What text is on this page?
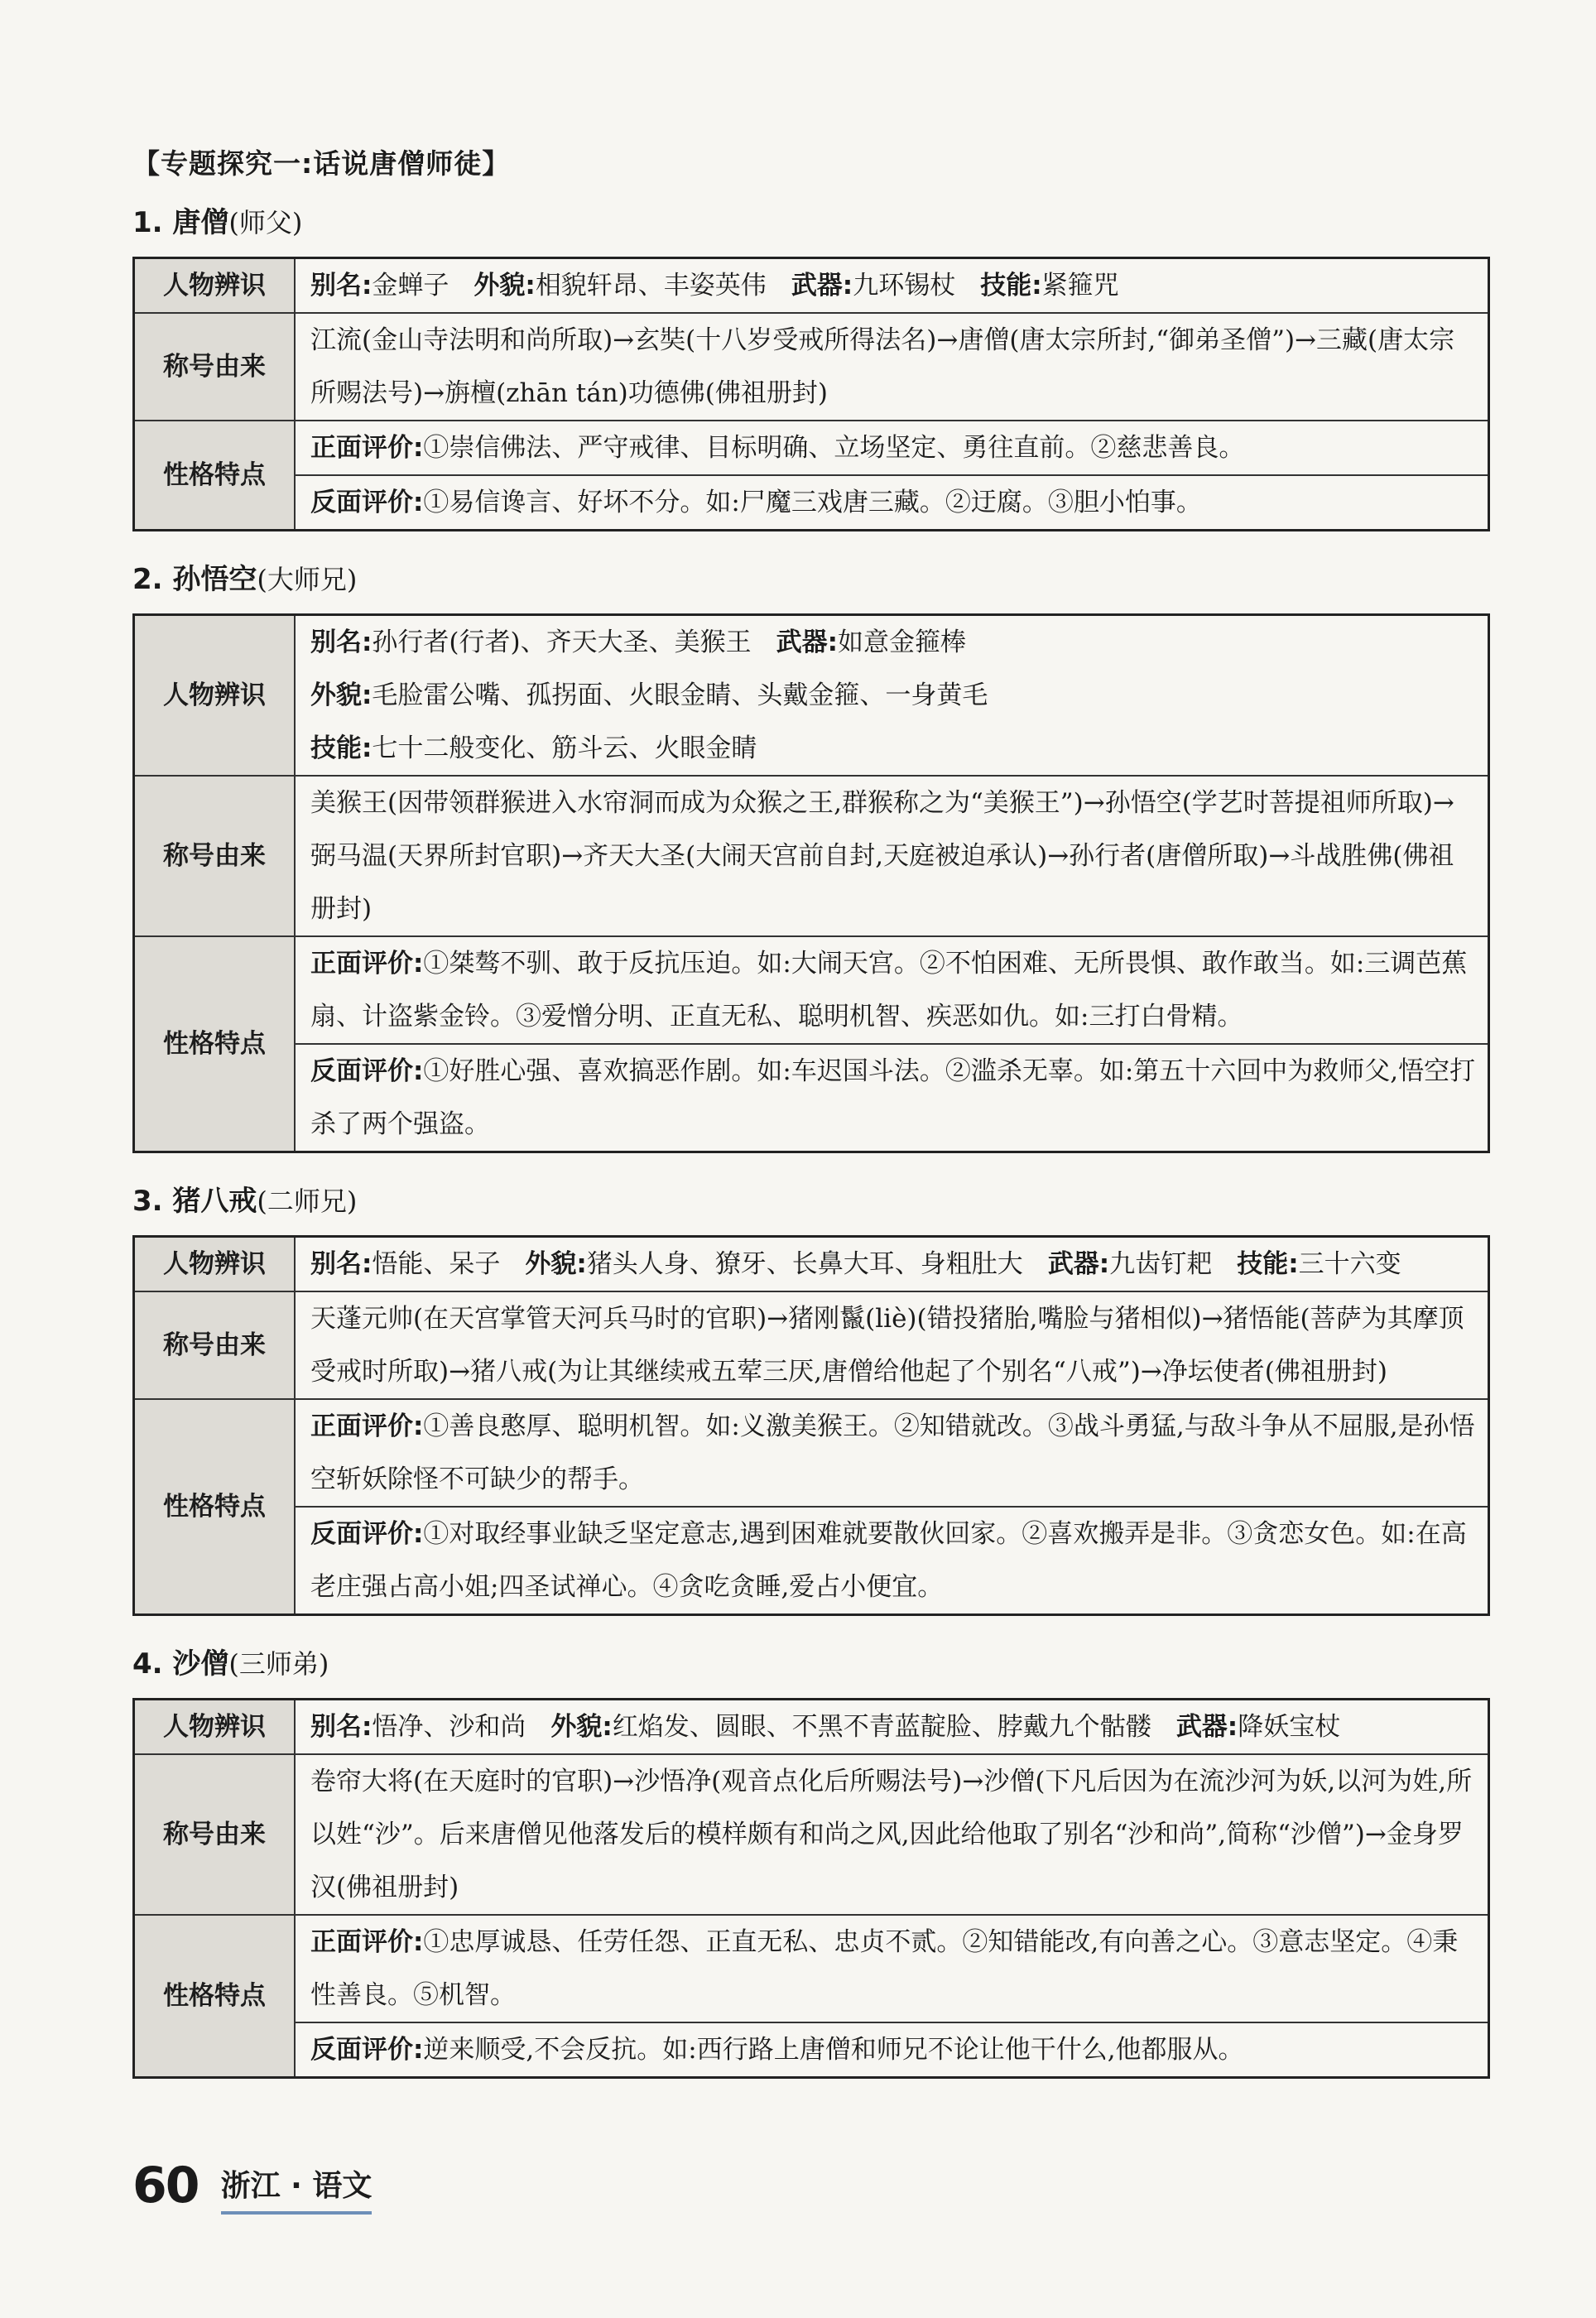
【专题探究一:话说唐僧师徒】
1. 唐僧(师父)
人物辨识	别名:金蝉子 外貌:相貌轩昂、丰姿英伟 武器:九环锡杖 技能:紧箍咒

称号由来	江流(金山寺法明和尚所取)→玄奘(十八岁受戒所得法名)→唐僧(唐太宗所封,“御弟圣僧”)→三藏(唐太宗所赐法号)→旃檀(zhān tán)功德佛(佛祖册封)
性格特点	正面评价:①崇信佛法、严守戒律、目标明确、立场坚定、勇往直前。②慈悲善良。
	反面评价:①易信谗言、好坏不分。如:尸魔三戏唐三藏。②迂腐。③胆小怕事。
2. 孙悟空(大师兄)
人物辨识	别名:孙行者(行者)、齐天大圣、美猴王 武器:如意金箍棒
外貌:毛脸雷公嘴、孤拐面、火眼金睛、头戴金箍、一身黄毛
技能:七十二般变化、筋斗云、火眼金睛

称号由来	美猴王(因带领群猴进入水帘洞而成为众猴之王,群猴称之为“美猴王”)→孙悟空(学艺时菩提祖师所取)→弼马温(天界所封官职)→齐天大圣(大闹天宫前自封,天庭被迫承认)→孙行者(唐僧所取)→斗战胜佛(佛祖册封)
性格特点	正面评价:①桀骜不驯、敢于反抗压迫。如:大闹天宫。②不怕困难、无所畏惧、敢作敢当。如:三调芭蕉扇、计盗紫金铃。③爱憎分明、正直无私、聪明机智、疾恶如仇。如:三打白骨精。
	反面评价:①好胜心强、喜欢搞恶作剧。如:车迟国斗法。②滥杀无辜。如:第五十六回中为救师父,悟空打杀了两个强盗。
3. 猪八戒(二师兄)
人物辨识	别名:悟能、呆子 外貌:猪头人身、獠牙、长鼻大耳、身粗肚大 武器:九齿钉耙 技能:三十六变

称号由来	天蓬元帅(在天宫掌管天河兵马时的官职)→猪刚鬣(liè)(错投猪胎,嘴脸与猪相似)→猪悟能(菩萨为其摩顶受戒时所取)→猪八戒(为让其继续戒五荤三厌,唐僧给他起了个别名“八戒”)→净坛使者(佛祖册封)
性格特点	正面评价:①善良憨厚、聪明机智。如:义激美猴王。②知错就改。③战斗勇猛,与敌斗争从不屈服,是孙悟空斩妖除怪不可缺少的帮手。
	反面评价:①对取经事业缺乏坚定意志,遇到困难就要散伙回家。②喜欢搬弄是非。③贪恋女色。如:在高老庄强占高小姐;四圣试禅心。④贪吃贪睡,爱占小便宜。
4. 沙僧(三师弟)
人物辨识	别名:悟净、沙和尚 外貌:红焰发、圆眼、不黑不青蓝靛脸、脖戴九个骷髅 武器:降妖宝杖

称号由来	卷帘大将(在天庭时的官职)→沙悟净(观音点化后所赐法号)→沙僧(下凡后因为在流沙河为妖,以河为姓,所以姓“沙”。后来唐僧见他落发后的模样颇有和尚之风,因此给他取了别名“沙和尚”,简称“沙僧”)→金身罗汉(佛祖册封)
性格特点	正面评价:①忠厚诚恳、任劳任怨、正直无私、忠贞不贰。②知错能改,有向善之心。③意志坚定。④秉性善良。⑤机智。
	反面评价:逆来顺受,不会反抗。如:西行路上唐僧和师兄不论让他干什么,他都服从。
60 浙江 · 语文
